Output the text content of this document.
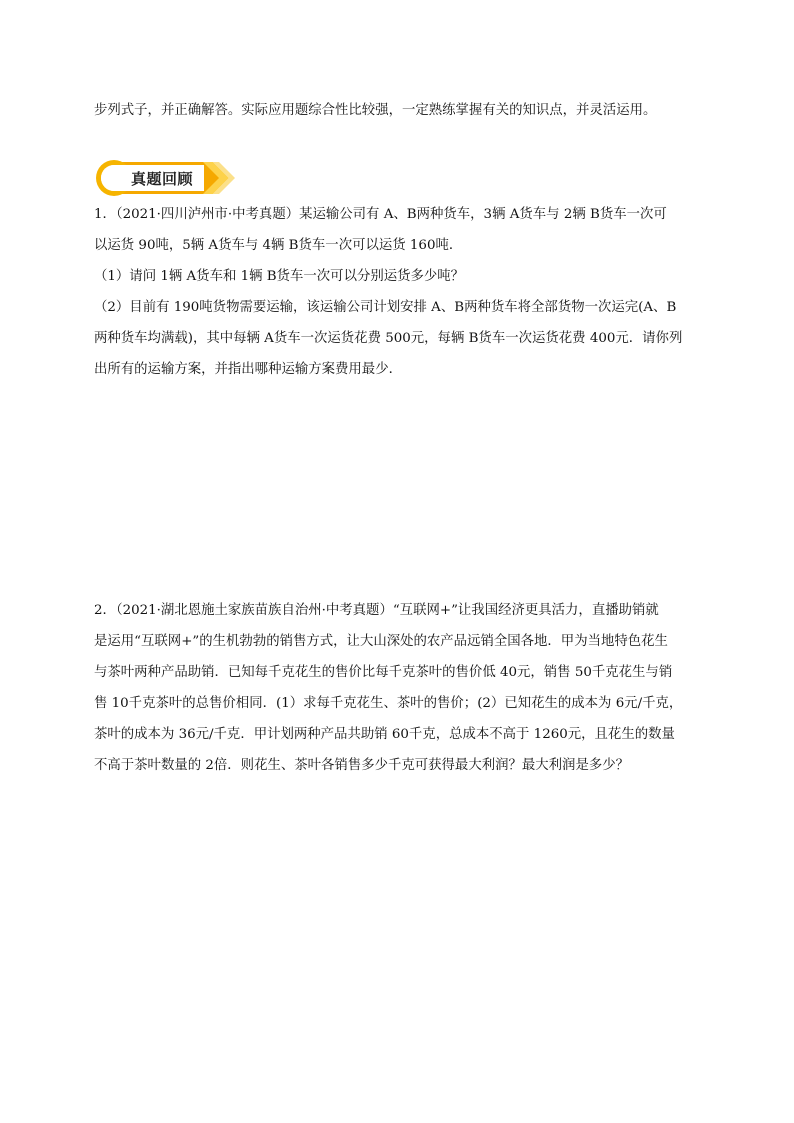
步列式子，并正确解答。实际应用题综合性比较强，一定熟练掌握有关的知识点，并灵活运用。
真题回顾
1．（2021·四川泸州市·中考真题）某运输公司有 A、B两种货车，3辆 A货车与 2辆 B货车一次可
以运货 90吨，5辆 A货车与 4辆 B货车一次可以运货 160吨．
（1）请问 1辆 A货车和 1辆 B货车一次可以分别运货多少吨？
（2）目前有 190吨货物需要运输，该运输公司计划安排 A、B两种货车将全部货物一次运完(A、B
两种货车均满载)，其中每辆 A货车一次运货花费 500元，每辆 B货车一次运货花费 400元．请你列
出所有的运输方案，并指出哪种运输方案费用最少．
2．（2021·湖北恩施土家族苗族自治州·中考真题）“互联网+”让我国经济更具活力，直播助销就
是运用“互联网+”的生机勃勃的销售方式，让大山深处的农产品远销全国各地．甲为当地特色花生
与茶叶两种产品助销．已知每千克花生的售价比每千克茶叶的售价低 40元，销售 50千克花生与销
售 10千克茶叶的总售价相同．(1）求每千克花生、茶叶的售价；(2）已知花生的成本为 6元/千克，
茶叶的成本为 36元/千克．甲计划两种产品共助销 60千克，总成本不高于 1260元，且花生的数量
不高于茶叶数量的 2倍．则花生、茶叶各销售多少千克可获得最大利润？最大利润是多少？
